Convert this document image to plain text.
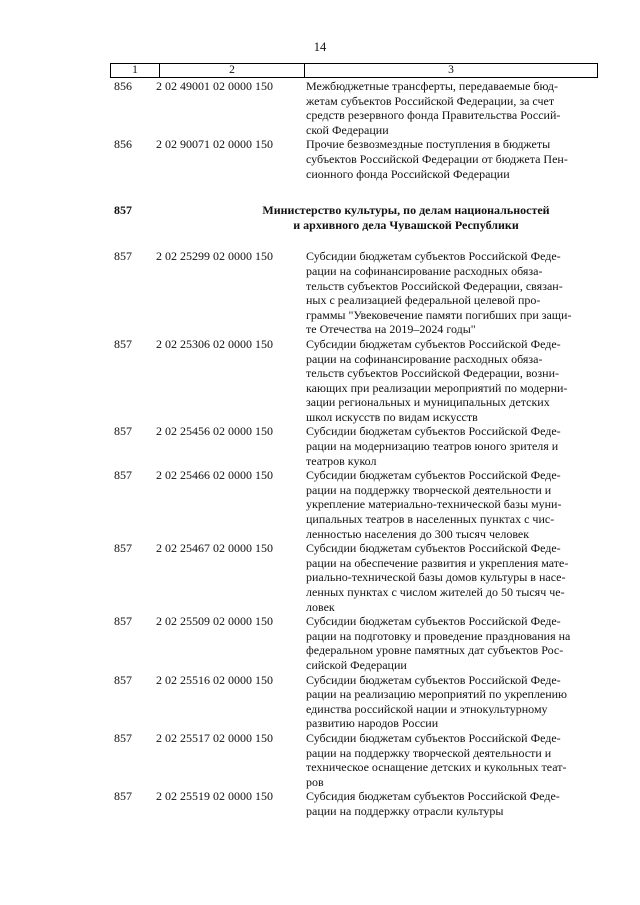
14
1	2	3
856	2 02 49001 02 0000 150	Межбюджетные трансферты, передаваемые бюд-
жетам субъектов Российской Федерации, за счет
средств резервного фонда Правительства Россий-
ской Федерации
856	2 02 90071 02 0000 150	Прочие безвозмездные поступления в бюджеты
субъектов Российской Федерации от бюджета Пен-
сионного фонда Российской Федерации
857	Министерство культуры, по делам национальностей
и архивного дела Чувашской Республики
857	2 02 25299 02 0000 150	Субсидии бюджетам субъектов Российской Феде-
рации на софинансирование расходных обяза-
тельств субъектов Российской Федерации, связан-
ных с реализацией федеральной целевой про-
граммы "Увековечение памяти погибших при защи-
те Отечества на 2019–2024 годы"
857	2 02 25306 02 0000 150	Субсидии бюджетам субъектов Российской Феде-
рации на софинансирование расходных обяза-
тельств субъектов Российской Федерации, возни-
кающих при реализации мероприятий по модерни-
зации региональных и муниципальных детских
школ искусств по видам искусств
857	2 02 25456 02 0000 150	Субсидии бюджетам субъектов Российской Феде-
рации на модернизацию театров юного зрителя и
театров кукол
857	2 02 25466 02 0000 150	Субсидии бюджетам субъектов Российской Феде-
рации на поддержку творческой деятельности и
укрепление материально-технической базы муни-
ципальных театров в населенных пунктах с чис-
ленностью населения до 300 тысяч человек
857	2 02 25467 02 0000 150	Субсидии бюджетам субъектов Российской Феде-
рации на обеспечение развития и укрепления мате-
риально-технической базы домов культуры в насе-
ленных пунктах с числом жителей до 50 тысяч че-
ловек
857	2 02 25509 02 0000 150	Субсидии бюджетам субъектов Российской Феде-
рации на подготовку и проведение празднования на
федеральном уровне памятных дат субъектов Рос-
сийской Федерации
857	2 02 25516 02 0000 150	Субсидии бюджетам субъектов Российской Феде-
рации на реализацию мероприятий по укреплению
единства российской нации и этнокультурному
развитию народов России
857	2 02 25517 02 0000 150	Субсидии бюджетам субъектов Российской Феде-
рации на поддержку творческой деятельности и
техническое оснащение детских и кукольных теат-
ров
857	2 02 25519 02 0000 150	Субсидия бюджетам субъектов Российской Феде-
рации на поддержку отрасли культуры
